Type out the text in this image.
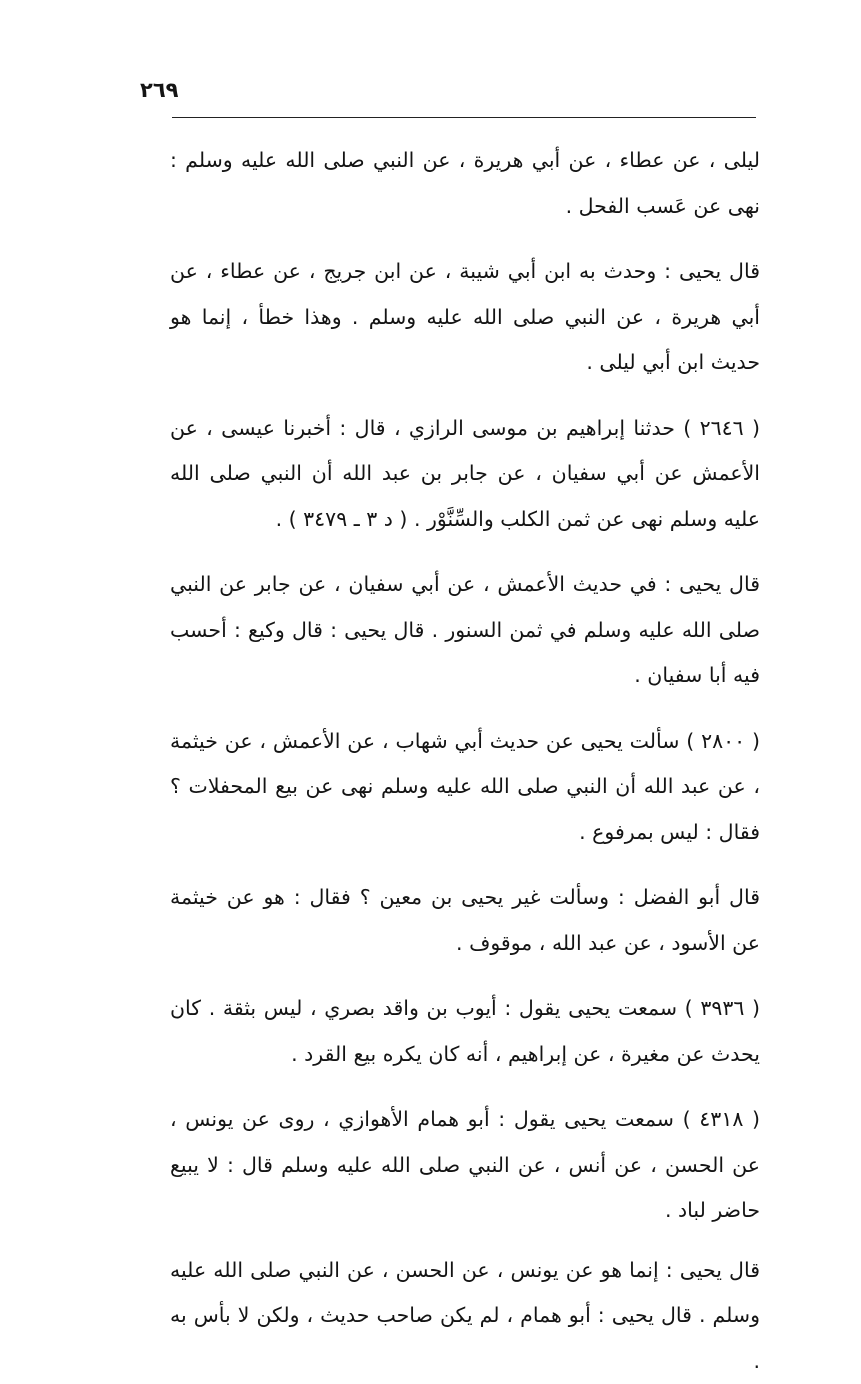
٢٦٩

ليلى ، عن عطاء ، عن أبي هريرة ، عن النبي صلى الله عليه وسلم : نهى عن عَسب الفحل .

قال يحيى : وحدث به ابن أبي شيبة ، عن ابن جريج ، عن عطاء ، عن أبي هريرة ، عن النبي صلى الله عليه وسلم . وهذا خطأ ، إنما هو حديث ابن أبي ليلى .

( ٢٦٤٦ ) حدثنا إبراهيم بن موسى الرازي ، قال : أخبرنا عيسى ، عن الأعمش عن أبي سفيان ، عن جابر بن عبد الله أن النبي صلى الله عليه وسلم نهى عن ثمن الكلب والسِّنَّوْر . ( د ٣ ـ ٣٤٧٩ ) .

قال يحيى : في حديث الأعمش ، عن أبي سفيان ، عن جابر عن النبي صلى الله عليه وسلم في ثمن السنور . قال يحيى : قال وكيع : أحسب فيه أبا سفيان .

( ٢٨٠٠ ) سألت يحيى عن حديث أبي شهاب ، عن الأعمش ، عن خيثمة ، عن عبد الله أن النبي صلى الله عليه وسلم نهى عن بيع المحفلات ؟ فقال : ليس بمرفوع .

قال أبو الفضل : وسألت غير يحيى بن معين ؟ فقال : هو عن خيثمة عن الأسود ، عن عبد الله ، موقوف .

( ٣٩٣٦ ) سمعت يحيى يقول : أيوب بن واقد بصري ، ليس بثقة . كان يحدث عن مغيرة ، عن إبراهيم ، أنه كان يكره بيع القرد .

( ٤٣١٨ ) سمعت يحيى يقول : أبو همام الأهوازي ، روى عن يونس ، عن الحسن ، عن أنس ، عن النبي صلى الله عليه وسلم قال : لا يبيع حاضر لباد .

قال يحيى : إنما هو عن يونس ، عن الحسن ، عن النبي صلى الله عليه وسلم . قال يحيى : أبو همام ، لم يكن صاحب حديث ، ولكن لا بأس به .
